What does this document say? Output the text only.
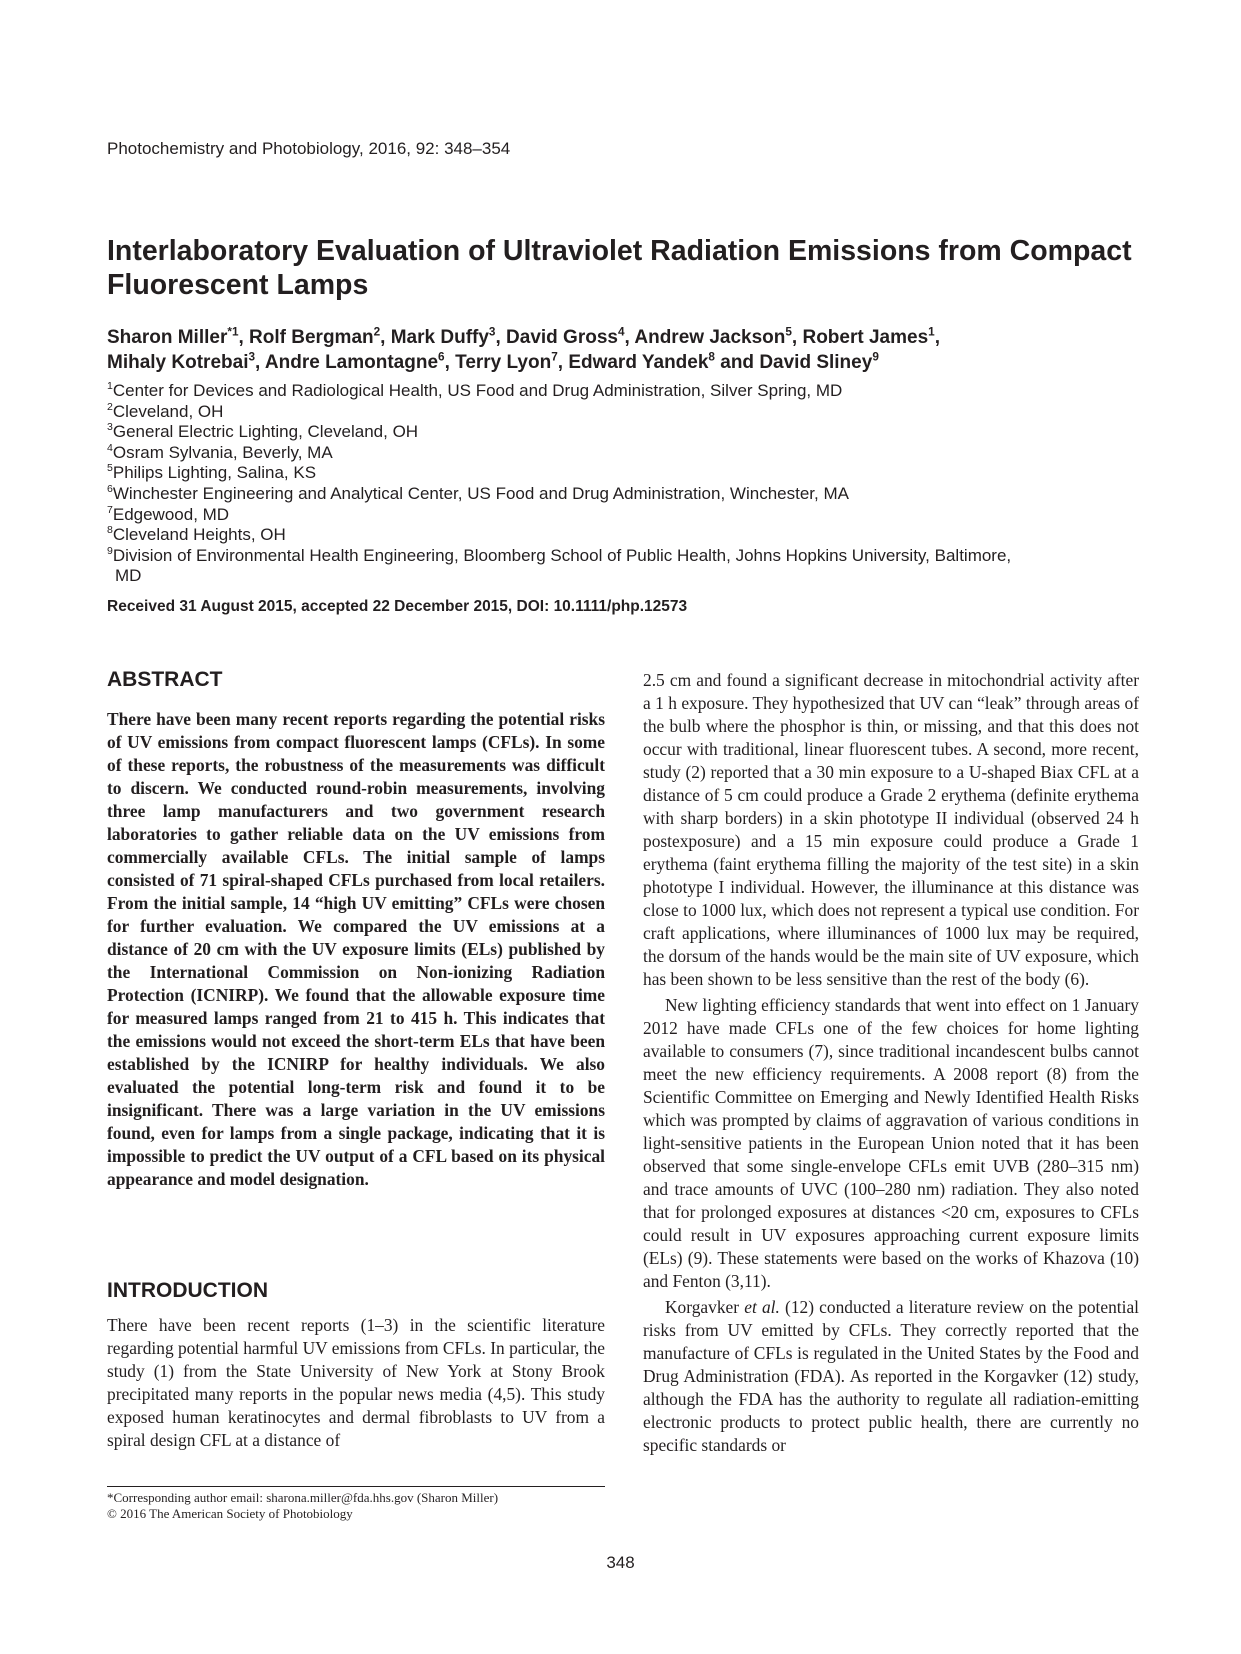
Photochemistry and Photobiology, 2016, 92: 348–354
Interlaboratory Evaluation of Ultraviolet Radiation Emissions from Compact Fluorescent Lamps
Sharon Miller$^{*1}$, Rolf Bergman$^2$, Mark Duffy$^3$, David Gross$^4$, Andrew Jackson$^5$, Robert James$^1$,
Mihaly Kotrebai$^3$, Andre Lamontagne$^6$, Terry Lyon$^7$, Edward Yandek$^8$ and David Sliney$^9$
$^1$Center for Devices and Radiological Health, US Food and Drug Administration, Silver Spring, MD
$^2$Cleveland, OH
$^3$General Electric Lighting, Cleveland, OH
$^4$Osram Sylvania, Beverly, MA
$^5$Philips Lighting, Salina, KS
$^6$Winchester Engineering and Analytical Center, US Food and Drug Administration, Winchester, MA
$^7$Edgewood, MD
$^8$Cleveland Heights, OH
$^9$Division of Environmental Health Engineering, Bloomberg School of Public Health, Johns Hopkins University, Baltimore,
MD
Received 31 August 2015, accepted 22 December 2015, DOI: 10.1111/php.12573
ABSTRACT

There have been many recent reports regarding the potential risks of UV emissions from compact fluorescent lamps (CFLs). In some of these reports, the robustness of the measurements was difficult to discern. We conducted round-robin measurements, involving three lamp manufacturers and two government research laboratories to gather reliable data on the UV emissions from commercially available CFLs. The initial sample of lamps consisted of 71 spiral-shaped CFLs purchased from local retailers. From the initial sample, 14 “high UV emitting” CFLs were chosen for further evaluation. We compared the UV emissions at a distance of 20 cm with the UV exposure limits (ELs) published by the International Commission on Non-ionizing Radiation Protection (ICNIRP). We found that the allowable exposure time for measured lamps ranged from 21 to 415 h. This indicates that the emissions would not exceed the short-term ELs that have been established by the ICNIRP for healthy individuals. We also evaluated the potential long-term risk and found it to be insignificant. There was a large variation in the UV emissions found, even for lamps from a single package, indicating that it is impossible to predict the UV output of a CFL based on its physical appearance and model designation.

INTRODUCTION

There have been recent reports (1–3) in the scientific literature regarding potential harmful UV emissions from CFLs. In particular, the study (1) from the State University of New York at Stony Brook precipitated many reports in the popular news media (4,5). This study exposed human keratinocytes and dermal fibroblasts to UV from a spiral design CFL at a distance of

2.5 cm and found a significant decrease in mitochondrial activity after a 1 h exposure. They hypothesized that UV can “leak” through areas of the bulb where the phosphor is thin, or missing, and that this does not occur with traditional, linear fluorescent tubes. A second, more recent, study (2) reported that a 30 min exposure to a U-shaped Biax CFL at a distance of 5 cm could produce a Grade 2 erythema (definite erythema with sharp borders) in a skin phototype II individual (observed 24 h postexposure) and a 15 min exposure could produce a Grade 1 erythema (faint erythema filling the majority of the test site) in a skin phototype I individual. However, the illuminance at this distance was close to 1000 lux, which does not represent a typical use condition. For craft applications, where illuminances of 1000 lux may be required, the dorsum of the hands would be the main site of UV exposure, which has been shown to be less sensitive than the rest of the body (6).

New lighting efficiency standards that went into effect on 1 January 2012 have made CFLs one of the few choices for home lighting available to consumers (7), since traditional incandescent bulbs cannot meet the new efficiency requirements. A 2008 report (8) from the Scientific Committee on Emerging and Newly Identified Health Risks which was prompted by claims of aggravation of various conditions in light-sensitive patients in the European Union noted that it has been observed that some single-envelope CFLs emit UVB (280–315 nm) and trace amounts of UVC (100–280 nm) radiation. They also noted that for prolonged exposures at distances <20 cm, exposures to CFLs could result in UV exposures approaching current exposure limits (ELs) (9). These statements were based on the works of Khazova (10) and Fenton (3,11).

Korgavker et al. (12) conducted a literature review on the potential risks from UV emitted by CFLs. They correctly reported that the manufacture of CFLs is regulated in the United States by the Food and Drug Administration (FDA). As reported in the Korgavker (12) study, although the FDA has the authority to regulate all radiation-emitting electronic products to protect public health, there are currently no specific standards or

*Corresponding author email: sharona.miller@fda.hhs.gov (Sharon Miller)
© 2016 The American Society of Photobiology
348
